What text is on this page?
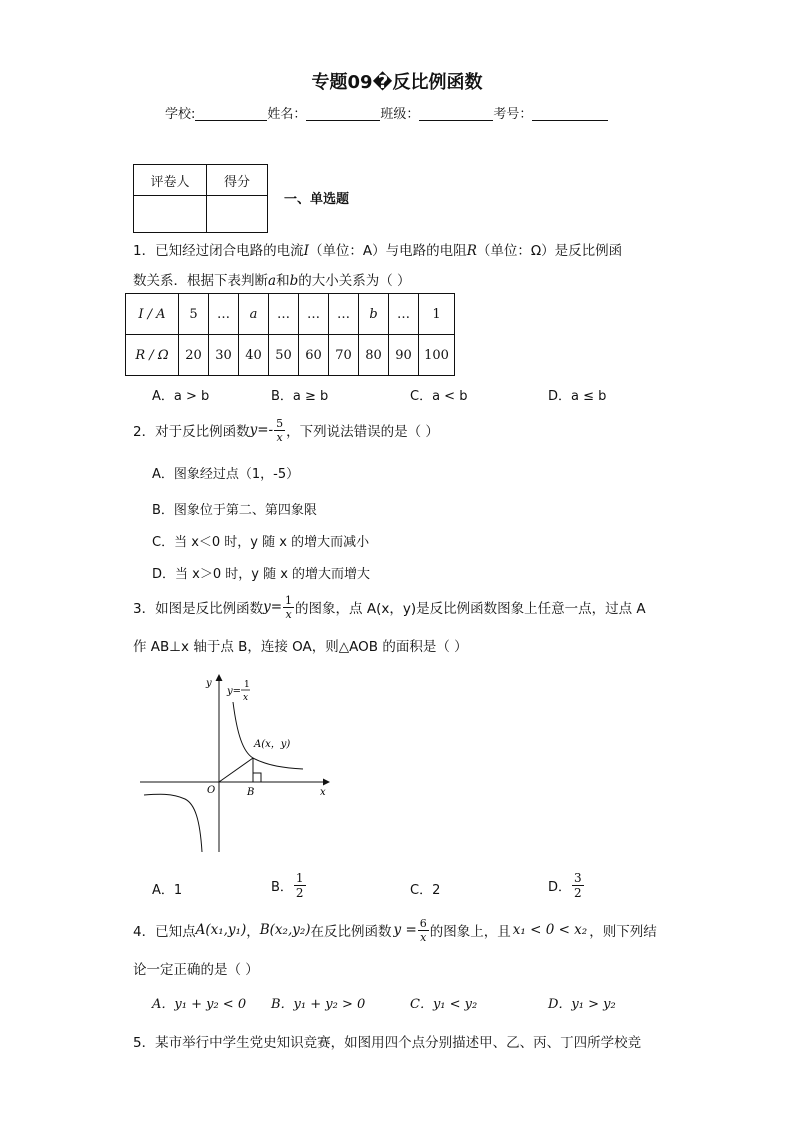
专题09�反比例函数
学校:	姓名：	班级：	考号：
评卷人	得分

一、单选题
1．已知经过闭合电路的电流I（单位：A）与电路的电阻R（单位：Ω）是反比例函
数关系．根据下表判断a和b的大小关系为（ ）
I / A	5	…	a	…	…	…	b	…	1
R / Ω	20	30	40	50	60	70	80	90	100
A．a > b	B．a ≥ b	C．a < b	D．a ≤ b
2．对于反比例函数 $y=- \frac{5}{x}$ ，下列说法错误的是（ ）
A．图象经过点（1，-5）
B．图象位于第二、第四象限
C．当 x＜0 时，y 随 x 的增大而减小
D．当 x＞0 时，y 随 x 的增大而增大
3．如图是反比例函数 $y= \frac{1}{x}$ 的图象，点 A(x，y)是反比例函数图象上任意一点，过点 A
作 AB⊥x 轴于点 B，连接 OA，则△AOB 的面积是（ ）
y
x
O	B
A(x，y)
y=
1
x
A．1	B． $\frac{1}{2}$	C．2	D． $\frac{3}{2}$
4．已知点 A(x₁,y₁) ， B(x₂,y₂) 在反比例函数 $y = \frac{6}{x}$ 的图象上，且 x₁ < 0 < x₂ ，则下列结
论一定正确的是（ ）
A．y₁ + y₂ < 0 B．y₁ + y₂ > 0	C．y₁ < y₂	D．y₁ > y₂
5．某市举行中学生党史知识竞赛，如图用四个点分别描述甲、乙、丙、丁四所学校竞
